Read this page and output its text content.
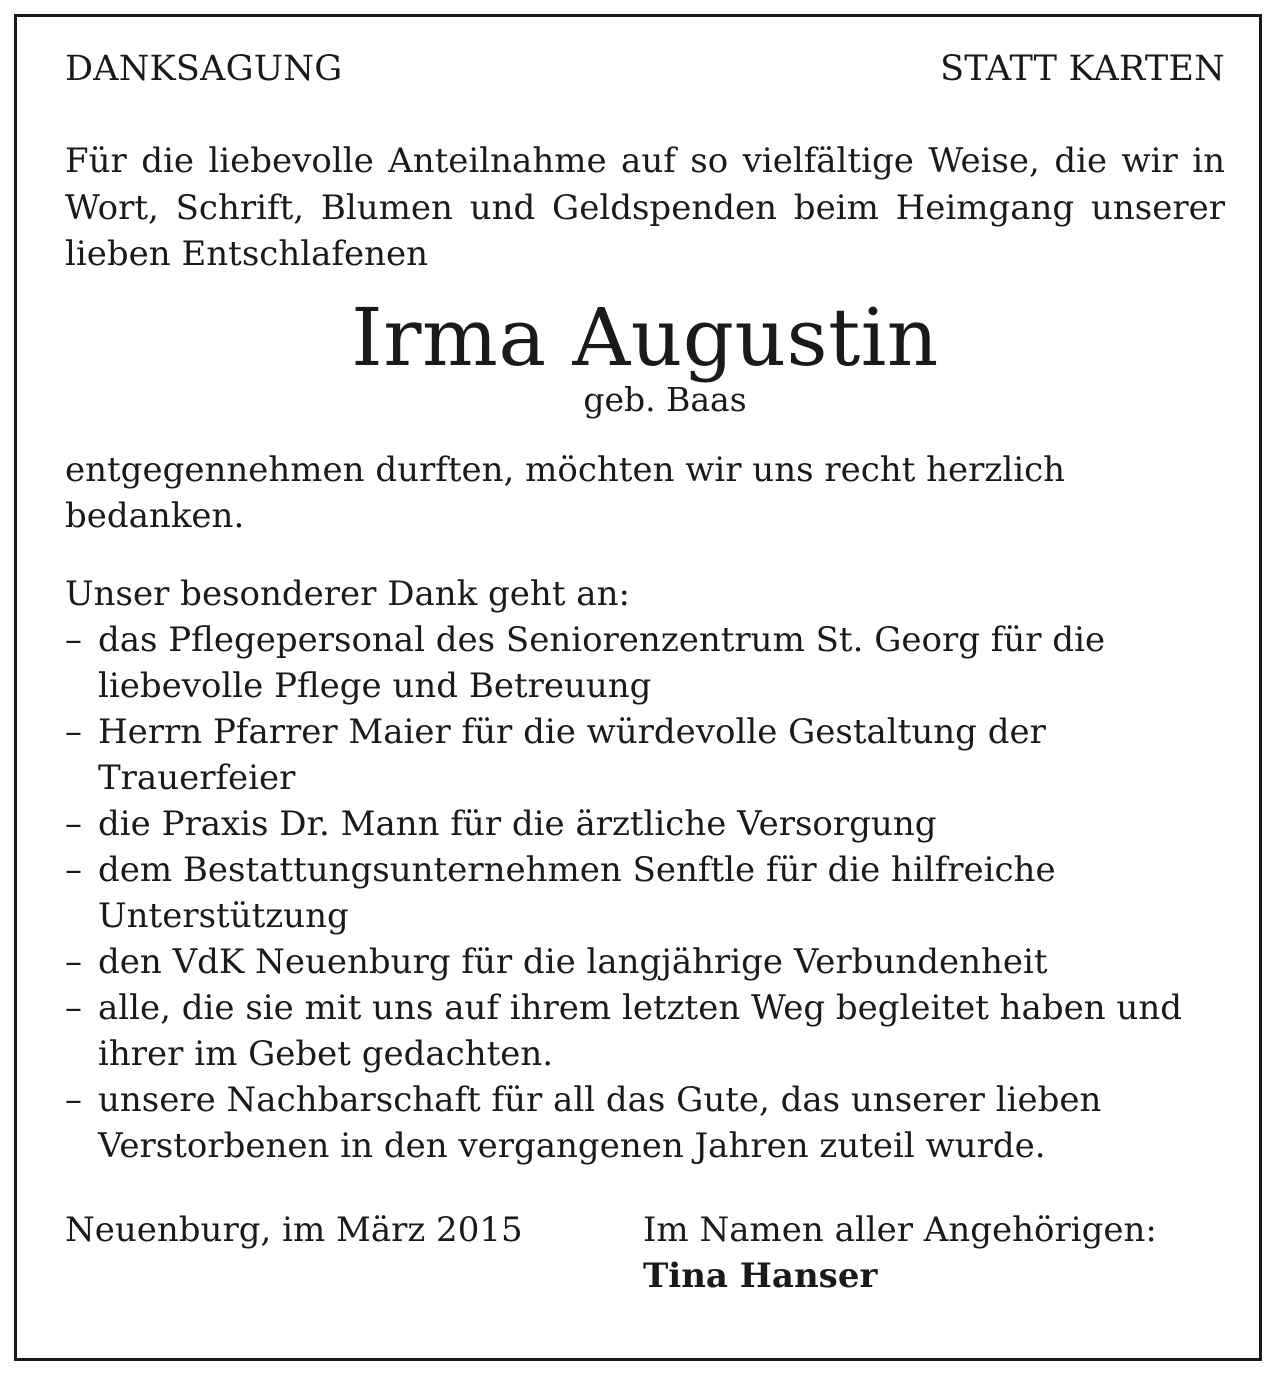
DANKSAGUNG	STATT KARTEN
Für die liebevolle Anteilnahme auf so vielfältige Weise, die wir in Wort, Schrift, Blumen und Geldspenden beim Heimgang unserer lieben Entschlafenen
Irma Augustin
geb. Baas
entgegennehmen durften, möchten wir uns recht herzlich bedanken.
Unser besonderer Dank geht an:
– das Pflegepersonal des Seniorenzentrum St. Georg für die liebevolle Pflege und Betreuung
– Herrn Pfarrer Maier für die würdevolle Gestaltung der Trauerfeier
– die Praxis Dr. Mann für die ärztliche Versorgung
– dem Bestattungsunternehmen Senftle für die hilfreiche Unterstützung
– den VdK Neuenburg für die langjährige Verbundenheit
– alle, die sie mit uns auf ihrem letzten Weg begleitet haben und ihrer im Gebet gedachten.
– unsere Nachbarschaft für all das Gute, das unserer lieben Verstorbenen in den vergangenen Jahren zuteil wurde.
Neuenburg, im März 2015	Im Namen aller Angehörigen:
Tina Hanser
